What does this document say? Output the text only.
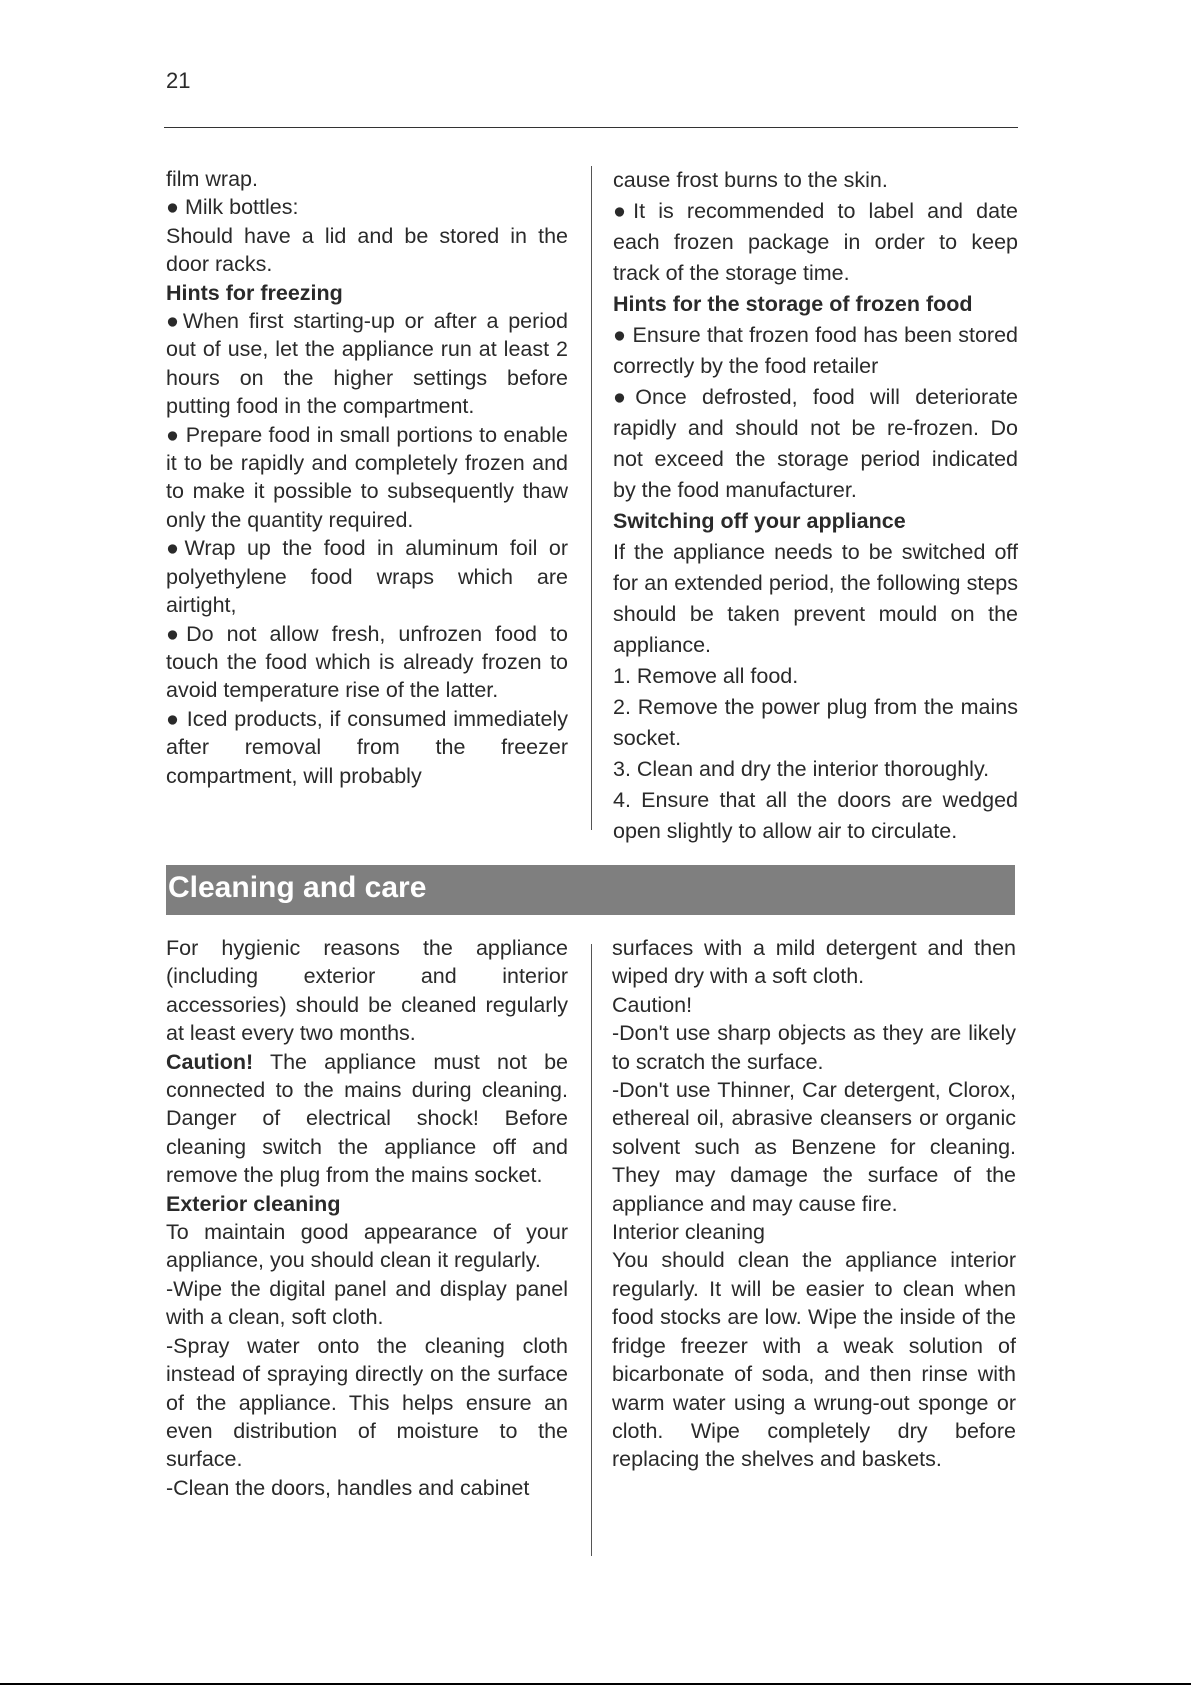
21

film wrap.

● Milk bottles:

Should have a lid and be stored in the door racks.

Hints for freezing

●When first starting-up or after a period out of use, let the appliance run at least 2 hours on the higher settings before putting food in the compartment.

● Prepare food in small portions to enable it to be rapidly and completely frozen and to make it possible to subsequently thaw only the quantity required.

●Wrap up the food in aluminum foil or polyethylene food wraps which are airtight,

●Do not allow fresh, unfrozen food to touch the food which is already frozen to avoid temperature rise of the latter.

● Iced products, if consumed immediately after removal from the freezer compartment, will probably

cause frost burns to the skin.

●It is recommended to label and date each frozen package in order to keep track of the storage time.

Hints for the storage of frozen food

● Ensure that frozen food has been stored correctly by the food retailer

●Once defrosted, food will deteriorate rapidly and should not be re-frozen. Do not exceed the storage period indicated by the food manufacturer.

Switching off your appliance

If the appliance needs to be switched off for an extended period, the following steps should be taken prevent mould on the appliance.

1. Remove all food.

2. Remove the power plug from the mains socket.

3. Clean and dry the interior thoroughly.

4. Ensure that all the doors are wedged open slightly to allow air to circulate.

Cleaning and care

For hygienic reasons the appliance (including exterior and interior accessories) should be cleaned regularly at least every two months.

Caution! The appliance must not be connected to the mains during cleaning. Danger of electrical shock! Before cleaning switch the appliance off and remove the plug from the mains socket.

Exterior cleaning

To maintain good appearance of your appliance, you should clean it regularly.

-Wipe the digital panel and display panel with a clean, soft cloth.

-Spray water onto the cleaning cloth instead of spraying directly on the surface of the appliance. This helps ensure an even distribution of moisture to the surface.

-Clean the doors, handles and cabinet

surfaces with a mild detergent and then wiped dry with a soft cloth.

Caution!

-Don't use sharp objects as they are likely to scratch the surface.

-Don't use Thinner, Car detergent, Clorox, ethereal oil, abrasive cleansers or organic solvent such as Benzene for cleaning. They may damage the surface of the appliance and may cause fire.

Interior cleaning

You should clean the appliance interior regularly. It will be easier to clean when food stocks are low. Wipe the inside of the fridge freezer with a weak solution of bicarbonate of soda, and then rinse with warm water using a wrung-out sponge or cloth. Wipe completely dry before replacing the shelves and baskets.
